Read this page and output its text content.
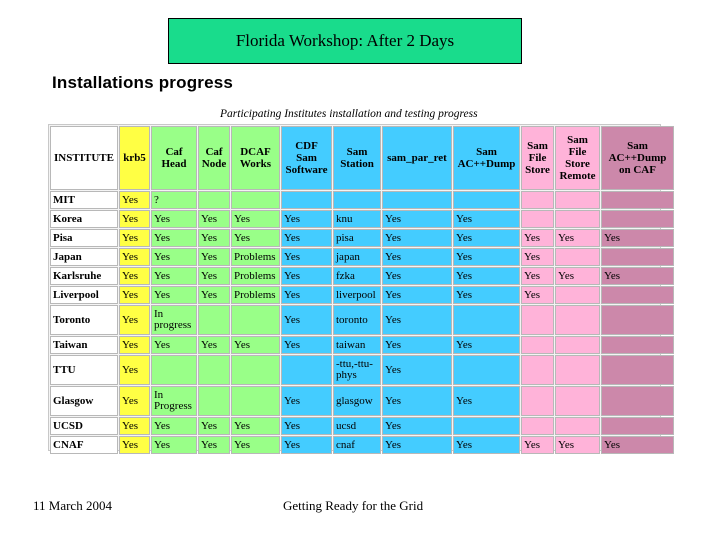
Florida Workshop: After 2 Days
Installations progress
Participating Institutes installation and testing progress
INSTITUTE	krb5	Caf Head	Caf Node	DCAF Works	CDF Sam Software	Sam Station	sam_par_ret	Sam AC++Dump	Sam File Store	Sam File Store Remote	Sam AC++Dump on CAF
MIT	Yes	?									
Korea	Yes	Yes	Yes	Yes	Yes	knu	Yes	Yes			
Pisa	Yes	Yes	Yes	Yes	Yes	pisa	Yes	Yes	Yes	Yes	Yes
Japan	Yes	Yes	Yes	Problems	Yes	japan	Yes	Yes	Yes		
Karlsruhe	Yes	Yes	Yes	Problems	Yes	fzka	Yes	Yes	Yes	Yes	Yes
Liverpool	Yes	Yes	Yes	Problems	Yes	liverpool	Yes	Yes	Yes		
Toronto	Yes	In progress			Yes	toronto	Yes				
Taiwan	Yes	Yes	Yes	Yes	Yes	taiwan	Yes	Yes			
TTU	Yes					-ttu,-ttu-phys	Yes				
Glasgow	Yes	In Progress			Yes	glasgow	Yes	Yes			
UCSD	Yes	Yes	Yes	Yes	Yes	ucsd	Yes				
CNAF	Yes	Yes	Yes	Yes	Yes	cnaf	Yes	Yes	Yes	Yes	Yes
11 March 2004	Getting Ready for the Grid
